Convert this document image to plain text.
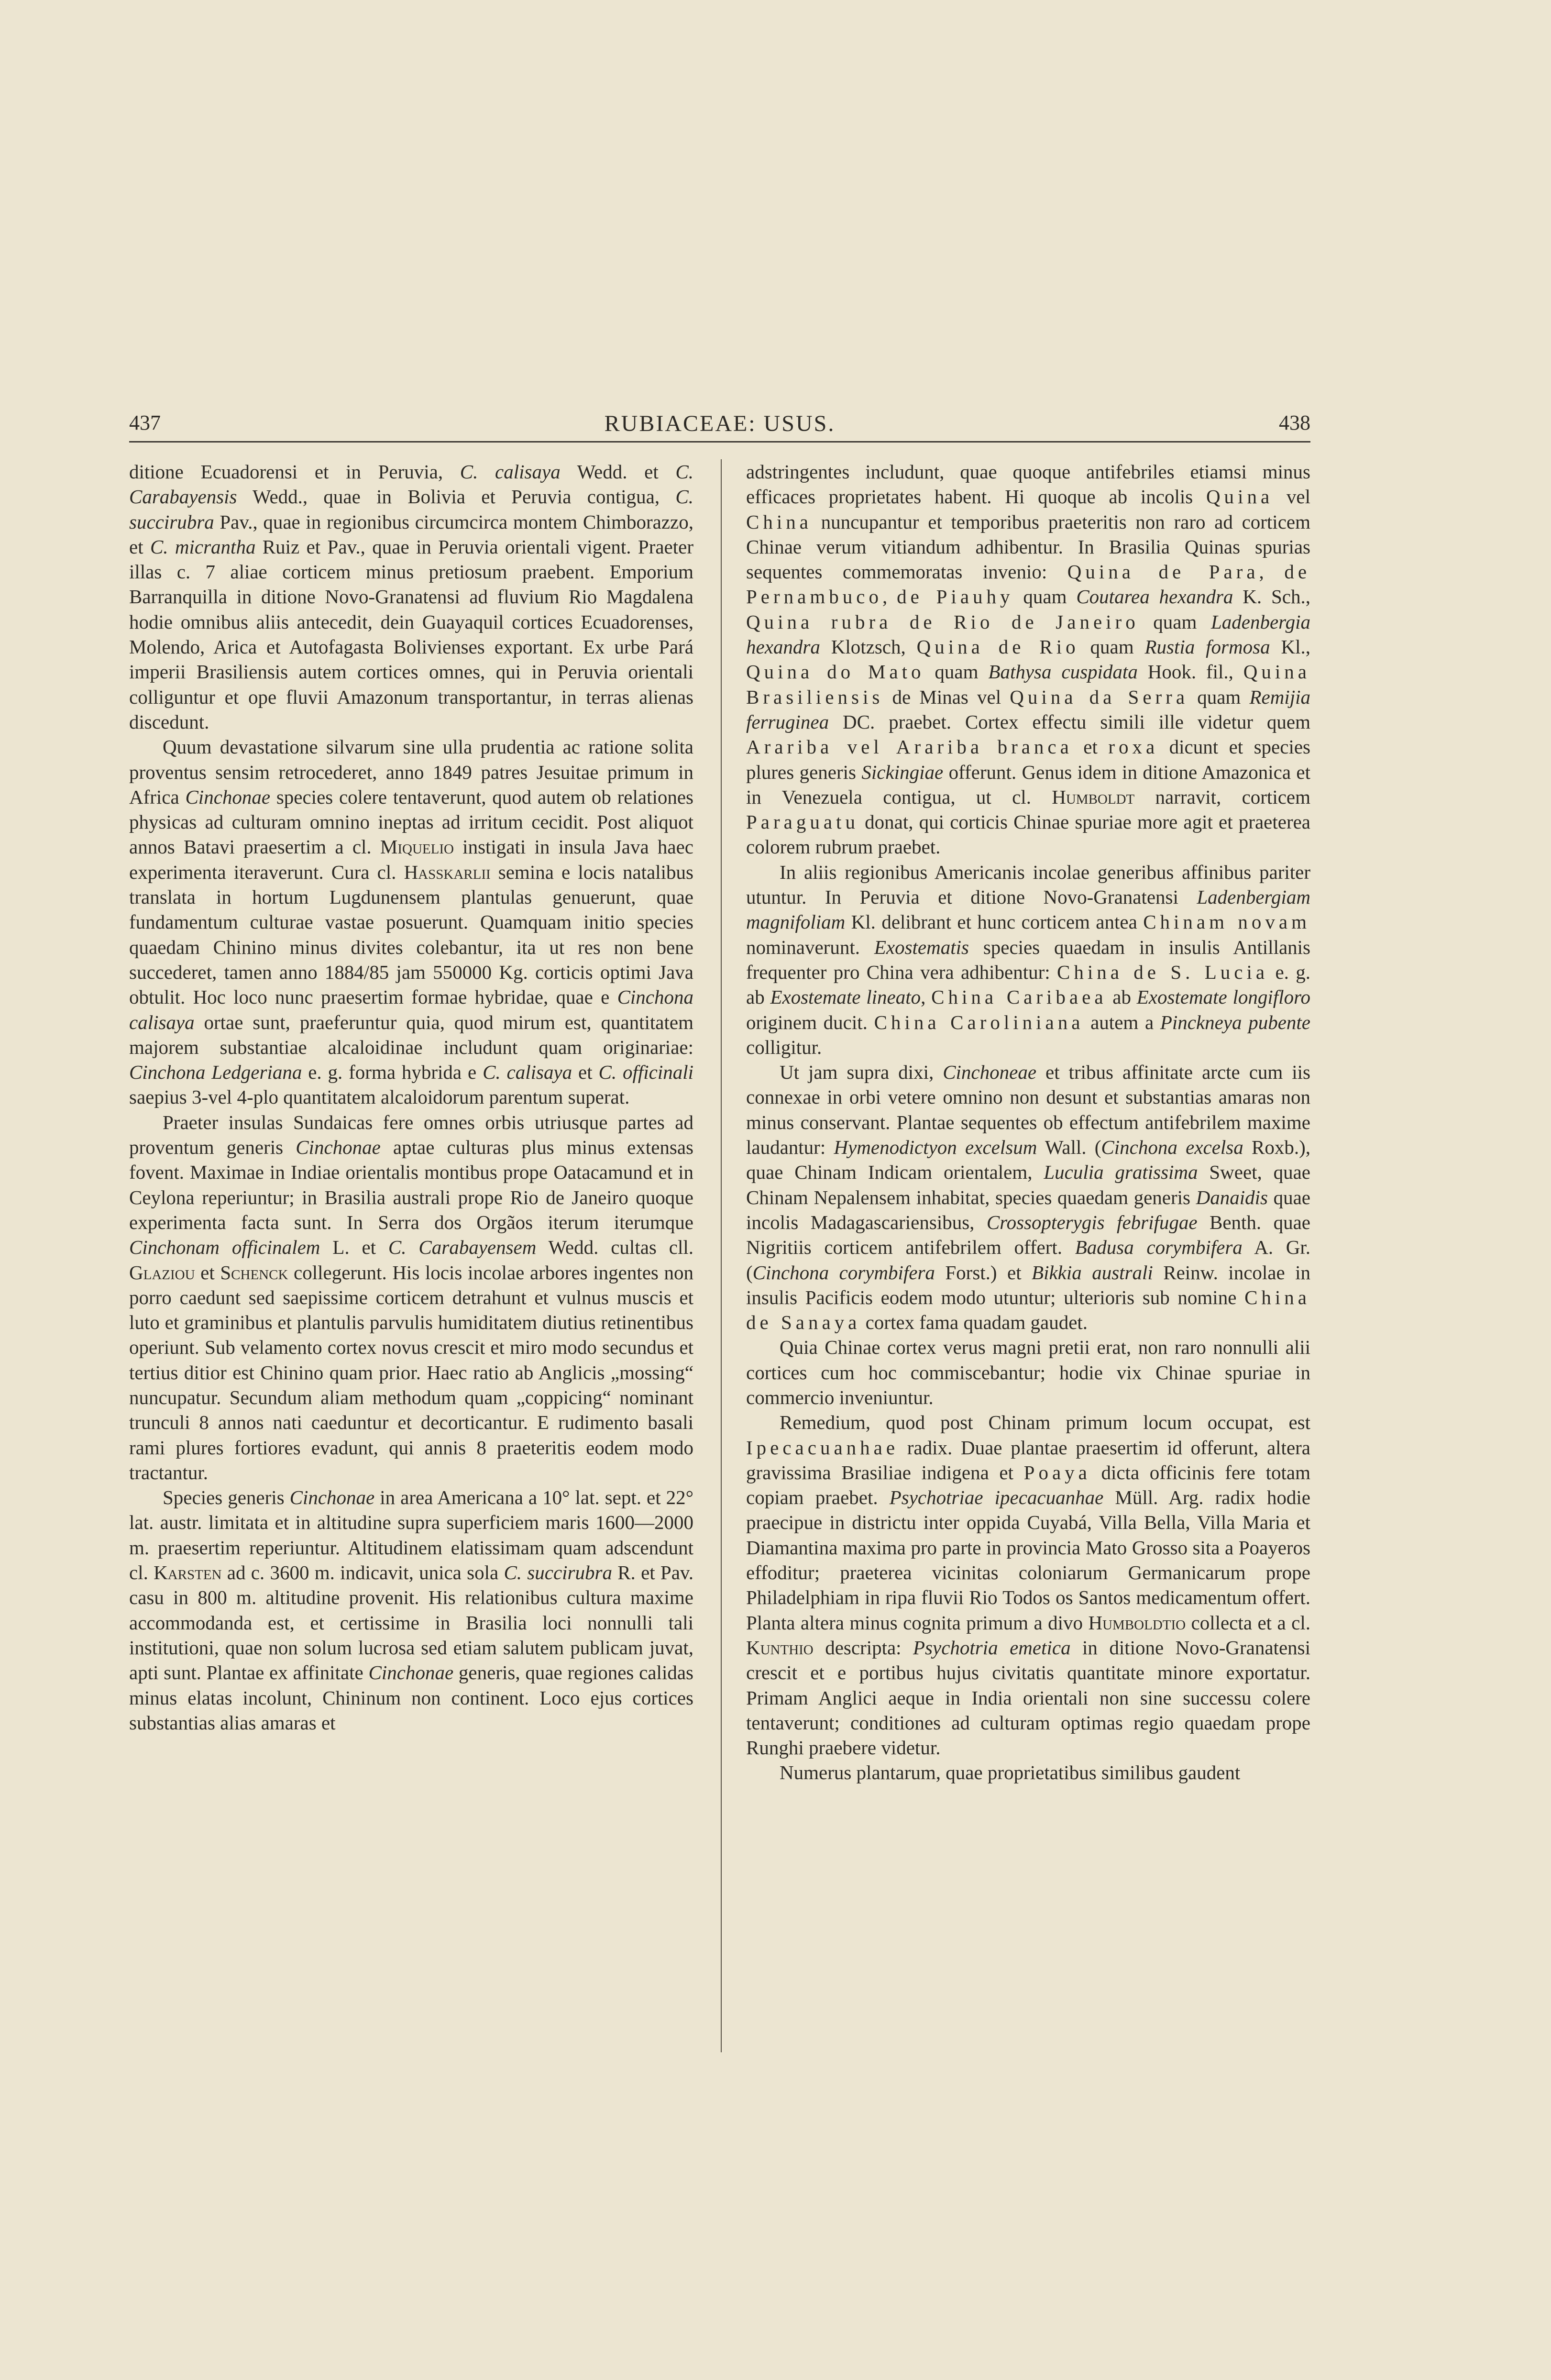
437	RUBIACEAE: USUS.	438

ditione Ecuadorensi et in Peruvia, C. calisaya Wedd. et C. Carabayensis Wedd., quae in Bolivia et Peruvia contigua, C. succirubra Pav., quae in regionibus circumcirca montem Chimborazzo, et C. micrantha Ruiz et Pav., quae in Peruvia orientali vigent. Praeter illas c. 7 aliae corticem minus pretiosum praebent. Emporium Barranquilla in ditione Novo-Granatensi ad fluvium Rio Magdalena hodie omnibus aliis antecedit, dein Guayaquil cortices Ecuadorenses, Molendo, Arica et Autofagasta Bolivienses exportant. Ex urbe Pará imperii Brasiliensis autem cortices omnes, qui in Peruvia orientali colliguntur et ope fluvii Amazonum transportantur, in terras alienas discedunt.

Quum devastatione silvarum sine ulla prudentia ac ratione solita proventus sensim retrocederet, anno 1849 patres Jesuitae primum in Africa Cinchonae species colere tentaverunt, quod autem ob relationes physicas ad culturam omnino ineptas ad irritum cecidit. Post aliquot annos Batavi praesertim a cl. Miquelio instigati in insula Java haec experimenta iteraverunt. Cura cl. Hasskarlii semina e locis natalibus translata in hortum Lugdunensem plantulas genuerunt, quae fundamentum culturae vastae posuerunt. Quamquam initio species quaedam Chinino minus divites colebantur, ita ut res non bene succederet, tamen anno 1884/85 jam 550000 Kg. corticis optimi Java obtulit. Hoc loco nunc praesertim formae hybridae, quae e Cinchona calisaya ortae sunt, praeferuntur quia, quod mirum est, quantitatem majorem substantiae alcaloidinae includunt quam originariae: Cinchona Ledgeriana e. g. forma hybrida e C. calisaya et C. officinali saepius 3-vel 4-plo quantitatem alcaloidorum parentum superat.

Praeter insulas Sundaicas fere omnes orbis utriusque partes ad proventum generis Cinchonae aptae culturas plus minus extensas fovent. Maximae in Indiae orientalis montibus prope Oatacamund et in Ceylona reperiuntur; in Brasilia australi prope Rio de Janeiro quoque experimenta facta sunt. In Serra dos Orgãos iterum iterumque Cinchonam officinalem L. et C. Carabayensem Wedd. cultas cll. Glaziou et Schenck collegerunt. His locis incolae arbores ingentes non porro caedunt sed saepissime corticem detrahunt et vulnus muscis et luto et graminibus et plantulis parvulis humiditatem diutius retinentibus operiunt. Sub velamento cortex novus crescit et miro modo secundus et tertius ditior est Chinino quam prior. Haec ratio ab Anglicis „mossing“ nuncupatur. Secundum aliam methodum quam „coppicing“ nominant trunculi 8 annos nati caeduntur et decorticantur. E rudimento basali rami plures fortiores evadunt, qui annis 8 praeteritis eodem modo tractantur.

Species generis Cinchonae in area Americana a 10° lat. sept. et 22° lat. austr. limitata et in altitudine supra superficiem maris 1600—2000 m. praesertim reperiuntur. Altitudinem elatissimam quam adscendunt cl. Karsten ad c. 3600 m. indicavit, unica sola C. succirubra R. et Pav. casu in 800 m. altitudine provenit. His relationibus cultura maxime accommodanda est, et certissime in Brasilia loci nonnulli tali institutioni, quae non solum lucrosa sed etiam salutem publicam juvat, apti sunt. Plantae ex affinitate Cinchonae generis, quae regiones calidas minus elatas incolunt, Chininum non continent. Loco ejus cortices substantias alias amaras et

adstringentes includunt, quae quoque antifebriles etiamsi minus efficaces proprietates habent. Hi quoque ab incolis Quina vel China nuncupantur et temporibus praeteritis non raro ad corticem Chinae verum vitiandum adhibentur. In Brasilia Quinas spurias sequentes commemoratas invenio: Quina de Para, de Pernambuco, de Piauhy quam Coutarea hexandra K. Sch., Quina rubra de Rio de Janeiro quam Ladenbergia hexandra Klotzsch, Quina de Rio quam Rustia formosa Kl., Quina do Mato quam Bathysa cuspidata Hook. fil., Quina Brasiliensis de Minas vel Quina da Serra quam Remijia ferruginea DC. praebet. Cortex effectu simili ille videtur quem Arariba vel Arariba branca et roxa dicunt et species plures generis Sickingiae offerunt. Genus idem in ditione Amazonica et in Venezuela contigua, ut cl. Humboldt narravit, corticem Paraguatu donat, qui corticis Chinae spuriae more agit et praeterea colorem rubrum praebet.

In aliis regionibus Americanis incolae generibus affinibus pariter utuntur. In Peruvia et ditione Novo-Granatensi Ladenbergiam magnifoliam Kl. delibrant et hunc corticem antea Chinam novam nominaverunt. Exostematis species quaedam in insulis Antillanis frequenter pro China vera adhibentur: China de S. Lucia e. g. ab Exostemate lineato, China Caribaea ab Exostemate longifloro originem ducit. China Caroliniana autem a Pinckneya pubente colligitur.

Ut jam supra dixi, Cinchoneae et tribus affinitate arcte cum iis connexae in orbi vetere omnino non desunt et substantias amaras non minus conservant. Plantae sequentes ob effectum antifebrilem maxime laudantur: Hymenodictyon excelsum Wall. (Cinchona excelsa Roxb.), quae Chinam Indicam orientalem, Luculia gratissima Sweet, quae Chinam Nepalensem inhabitat, species quaedam generis Danaidis quae incolis Madagascariensibus, Crossopterygis febrifugae Benth. quae Nigritiis corticem antifebrilem offert. Badusa corymbifera A. Gr. (Cinchona corymbifera Forst.) et Bikkia australi Reinw. incolae in insulis Pacificis eodem modo utuntur; ulterioris sub nomine China de Sanaya cortex fama quadam gaudet.

Quia Chinae cortex verus magni pretii erat, non raro nonnulli alii cortices cum hoc commiscebantur; hodie vix Chinae spuriae in commercio inveniuntur.

Remedium, quod post Chinam primum locum occupat, est Ipecacuanhae radix. Duae plantae praesertim id offerunt, altera gravissima Brasiliae indigena et Poaya dicta officinis fere totam copiam praebet. Psychotriae ipecacuanhae Müll. Arg. radix hodie praecipue in districtu inter oppida Cuyabá, Villa Bella, Villa Maria et Diamantina maxima pro parte in provincia Mato Grosso sita a Poayeros effoditur; praeterea vicinitas coloniarum Germanicarum prope Philadelphiam in ripa fluvii Rio Todos os Santos medicamentum offert. Planta altera minus cognita primum a divo Humboldtio collecta et a cl. Kunthio descripta: Psychotria emetica in ditione Novo-Granatensi crescit et e portibus hujus civitatis quantitate minore exportatur. Primam Anglici aeque in India orientali non sine successu colere tentaverunt; conditiones ad culturam optimas regio quaedam prope Runghi praebere videtur.

Numerus plantarum, quae proprietatibus similibus gaudent
